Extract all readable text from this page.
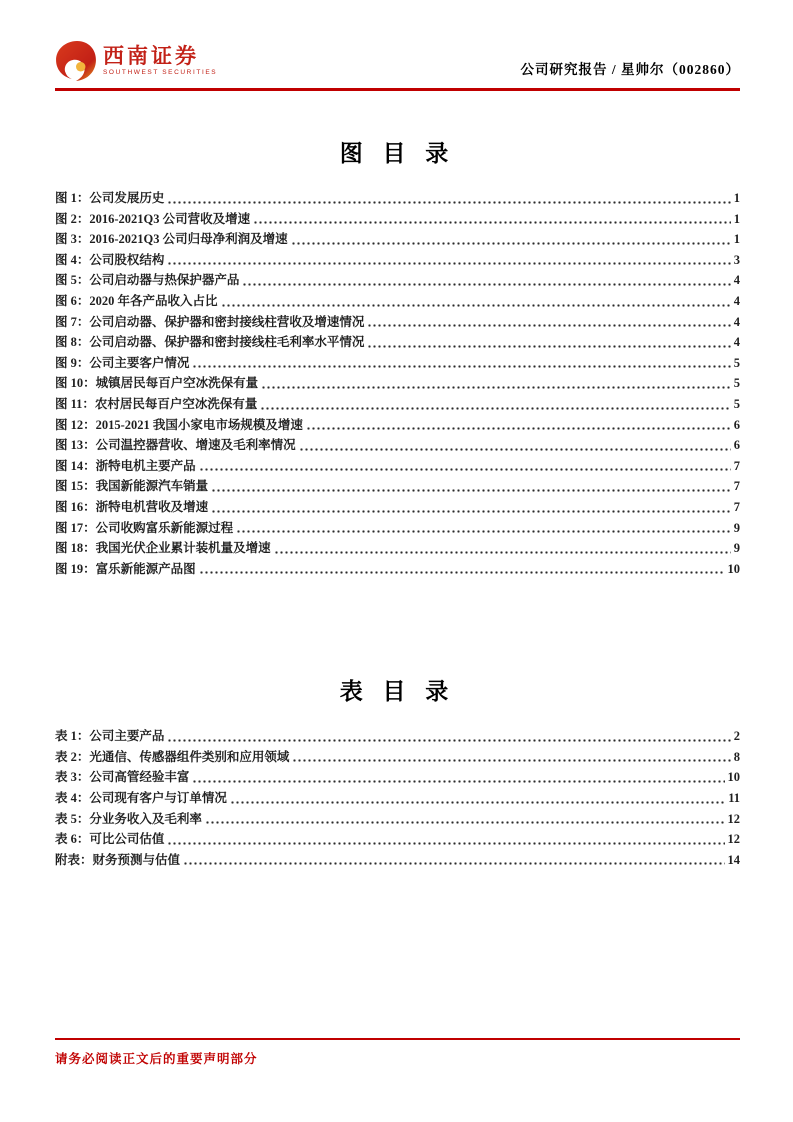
西南证券
SOUTHWEST SECURITIES	公司研究报告 / 星帅尔（002860）
图 目 录
图 1：公司发展历史	1
图 2：2016-2021Q3 公司营收及增速	1
图 3：2016-2021Q3 公司归母净利润及增速	1
图 4：公司股权结构	3
图 5：公司启动器与热保护器产品	4
图 6：2020 年各产品收入占比	4
图 7：公司启动器、保护器和密封接线柱营收及增速情况	4
图 8：公司启动器、保护器和密封接线柱毛利率水平情况	4
图 9：公司主要客户情况	5
图 10：城镇居民每百户空冰洗保有量	5
图 11：农村居民每百户空冰洗保有量	5
图 12：2015-2021 我国小家电市场规模及增速	6
图 13：公司温控器营收、增速及毛利率情况	6
图 14：浙特电机主要产品	7
图 15：我国新能源汽车销量	7
图 16：浙特电机营收及增速	7
图 17：公司收购富乐新能源过程	9
图 18：我国光伏企业累计装机量及增速	9
图 19：富乐新能源产品图	10
表 目 录
表 1：公司主要产品	2
表 2：光通信、传感器组件类别和应用领域	8
表 3：公司高管经验丰富	10
表 4：公司现有客户与订单情况	11
表 5：分业务收入及毛利率	12
表 6：可比公司估值	12
附表：财务预测与估值	14
请务必阅读正文后的重要声明部分
